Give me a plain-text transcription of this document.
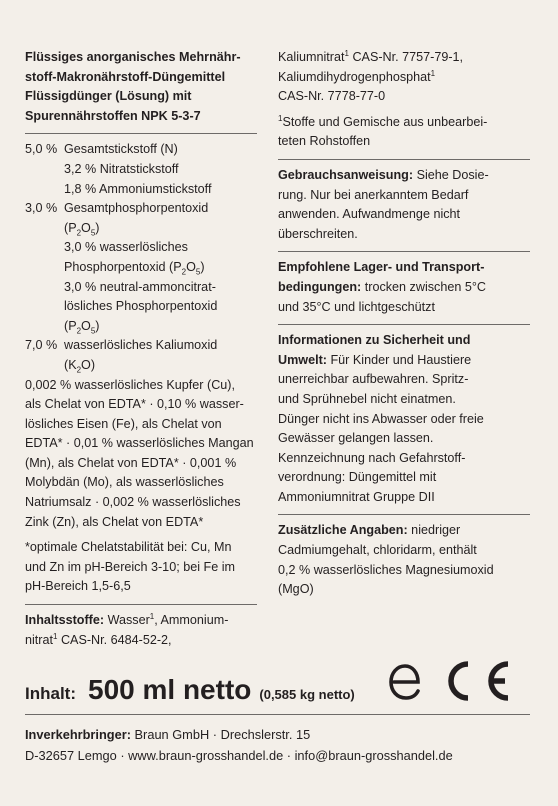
Flüssiges anorganisches Mehrnähr-
stoff-Makronährstoff-Düngemittel
Flüssigdünger (Lösung) mit
Spurennährstoffen NPK 5-3-7
5,0 % Gesamtstickstoff (N)
3,2 % Nitratstickstoff
1,8 % Ammoniumstickstoff
3,0 % Gesamtphosphorpentoxid
$(P_2O_5)$
3,0 % wasserlösliches
Phosphorpentoxid $(P_2O_5)$
3,0 % neutral-ammoncitrat-
lösliches Phosphorpentoxid
$(P_2O_5)$
7,0 % wasserlösliches Kaliumoxid
$(K_2O)$
0,002 % wasserlösliches Kupfer (Cu),
als Chelat von EDTA* · 0,10 % wasser-
lösliches Eisen (Fe), als Chelat von
EDTA* · 0,01 % wasserlösliches Mangan
(Mn), als Chelat von EDTA* · 0,001 %
Molybdän (Mo), als wasserlösliches
Natriumsalz · 0,002 % wasserlösliches
Zink (Zn), als Chelat von EDTA*
*optimale Chelatstabilität bei: Cu, Mn
und Zn im pH-Bereich 3-10; bei Fe im
pH-Bereich 1,5-6,5
Inhaltsstoffe: Wasser$^1$, Ammonium-
nitrat$^1$ CAS-Nr. 6484-52-2,
Kaliumnitrat$^1$ CAS-Nr. 7757-79-1,
Kaliumdihydrogenphosphat$^1$
CAS-Nr. 7778-77-0
$^1$Stoffe und Gemische aus unbearbei-
teten Rohstoffen
Gebrauchsanweisung: Siehe Dosie-
rung. Nur bei anerkanntem Bedarf
anwenden. Aufwandmenge nicht
überschreiten.
Empfohlene Lager- und Transport-
bedingungen: trocken zwischen 5°C
und 35°C und lichtgeschützt
Informationen zu Sicherheit und
Umwelt: Für Kinder und Haustiere
unerreichbar aufbewahren. Spritz-
und Sprühnebel nicht einatmen.
Dünger nicht ins Abwasser oder freie
Gewässer gelangen lassen.
Kennzeichnung nach Gefahrstoff-
verordnung: Düngemittel mit
Ammoniumnitrat Gruppe DII
Zusätzliche Angaben: niedriger
Cadmiumgehalt, chloridarm, enthält
0,2 % wasserlösliches Magnesiumoxid
(MgO)
Inhalt: 500 ml netto (0,585 kg netto)
Inverkehrbringer: Braun GmbH · Drechslerstr. 15
D-32657 Lemgo · www.braun-grosshandel.de · info@braun-grosshandel.de
